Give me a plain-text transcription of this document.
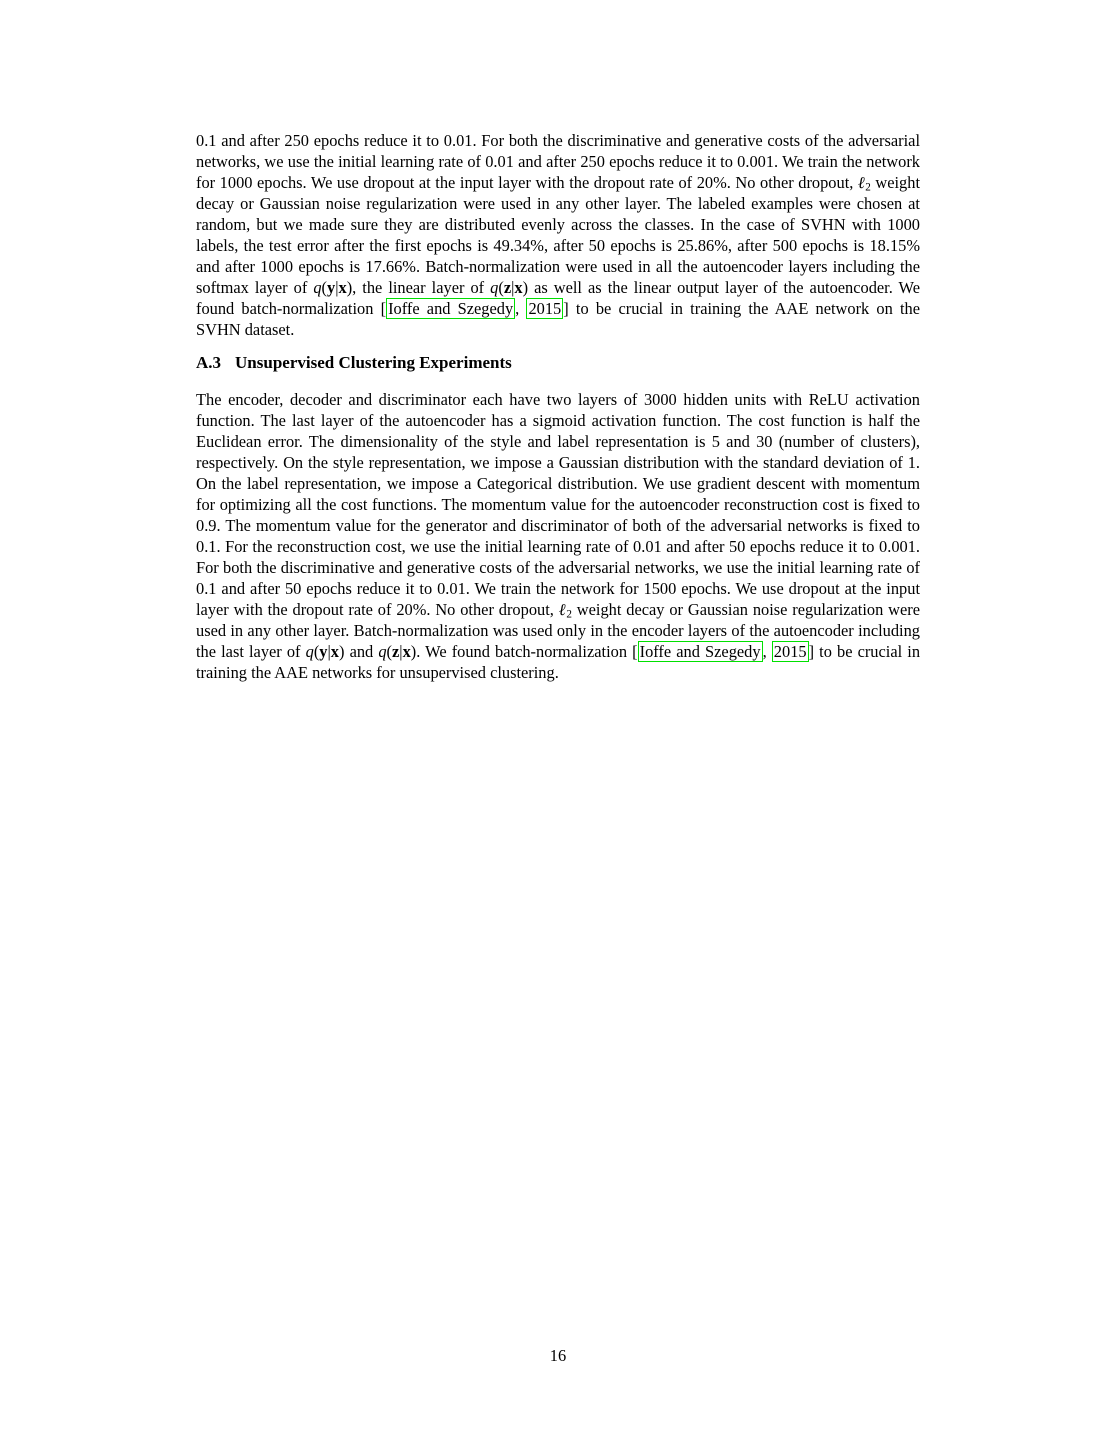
0.1 and after 250 epochs reduce it to 0.01. For both the discriminative and generative costs of the adversarial networks, we use the initial learning rate of 0.01 and after 250 epochs reduce it to 0.001. We train the network for 1000 epochs. We use dropout at the input layer with the dropout rate of 20%. No other dropout, ℓ2 weight decay or Gaussian noise regularization were used in any other layer. The labeled examples were chosen at random, but we made sure they are distributed evenly across the classes. In the case of SVHN with 1000 labels, the test error after the first epochs is 49.34%, after 50 epochs is 25.86%, after 500 epochs is 18.15% and after 1000 epochs is 17.66%. Batch-normalization were used in all the autoencoder layers including the softmax layer of q(y|x), the linear layer of q(z|x) as well as the linear output layer of the autoencoder. We found batch-normalization [ Ioffe and Szegedy , 2015 ] to be crucial in training the AAE network on the SVHN dataset.

A.3 Unsupervised Clustering Experiments

The encoder, decoder and discriminator each have two layers of 3000 hidden units with ReLU activation function. The last layer of the autoencoder has a sigmoid activation function. The cost function is half the Euclidean error. The dimensionality of the style and label representation is 5 and 30 (number of clusters), respectively. On the style representation, we impose a Gaussian distribution with the standard deviation of 1. On the label representation, we impose a Categorical distribution. We use gradient descent with momentum for optimizing all the cost functions. The momentum value for the autoencoder reconstruction cost is fixed to 0.9. The momentum value for the generator and discriminator of both of the adversarial networks is fixed to 0.1. For the reconstruction cost, we use the initial learning rate of 0.01 and after 50 epochs reduce it to 0.001. For both the discriminative and generative costs of the adversarial networks, we use the initial learning rate of 0.1 and after 50 epochs reduce it to 0.01. We train the network for 1500 epochs. We use dropout at the input layer with the dropout rate of 20%. No other dropout, ℓ2 weight decay or Gaussian noise regularization were used in any other layer. Batch-normalization was used only in the encoder layers of the autoencoder including the last layer of q(y|x) and q(z|x). We found batch-normalization [ Ioffe and Szegedy , 2015 ] to be crucial in training the AAE networks for unsupervised clustering.

16
